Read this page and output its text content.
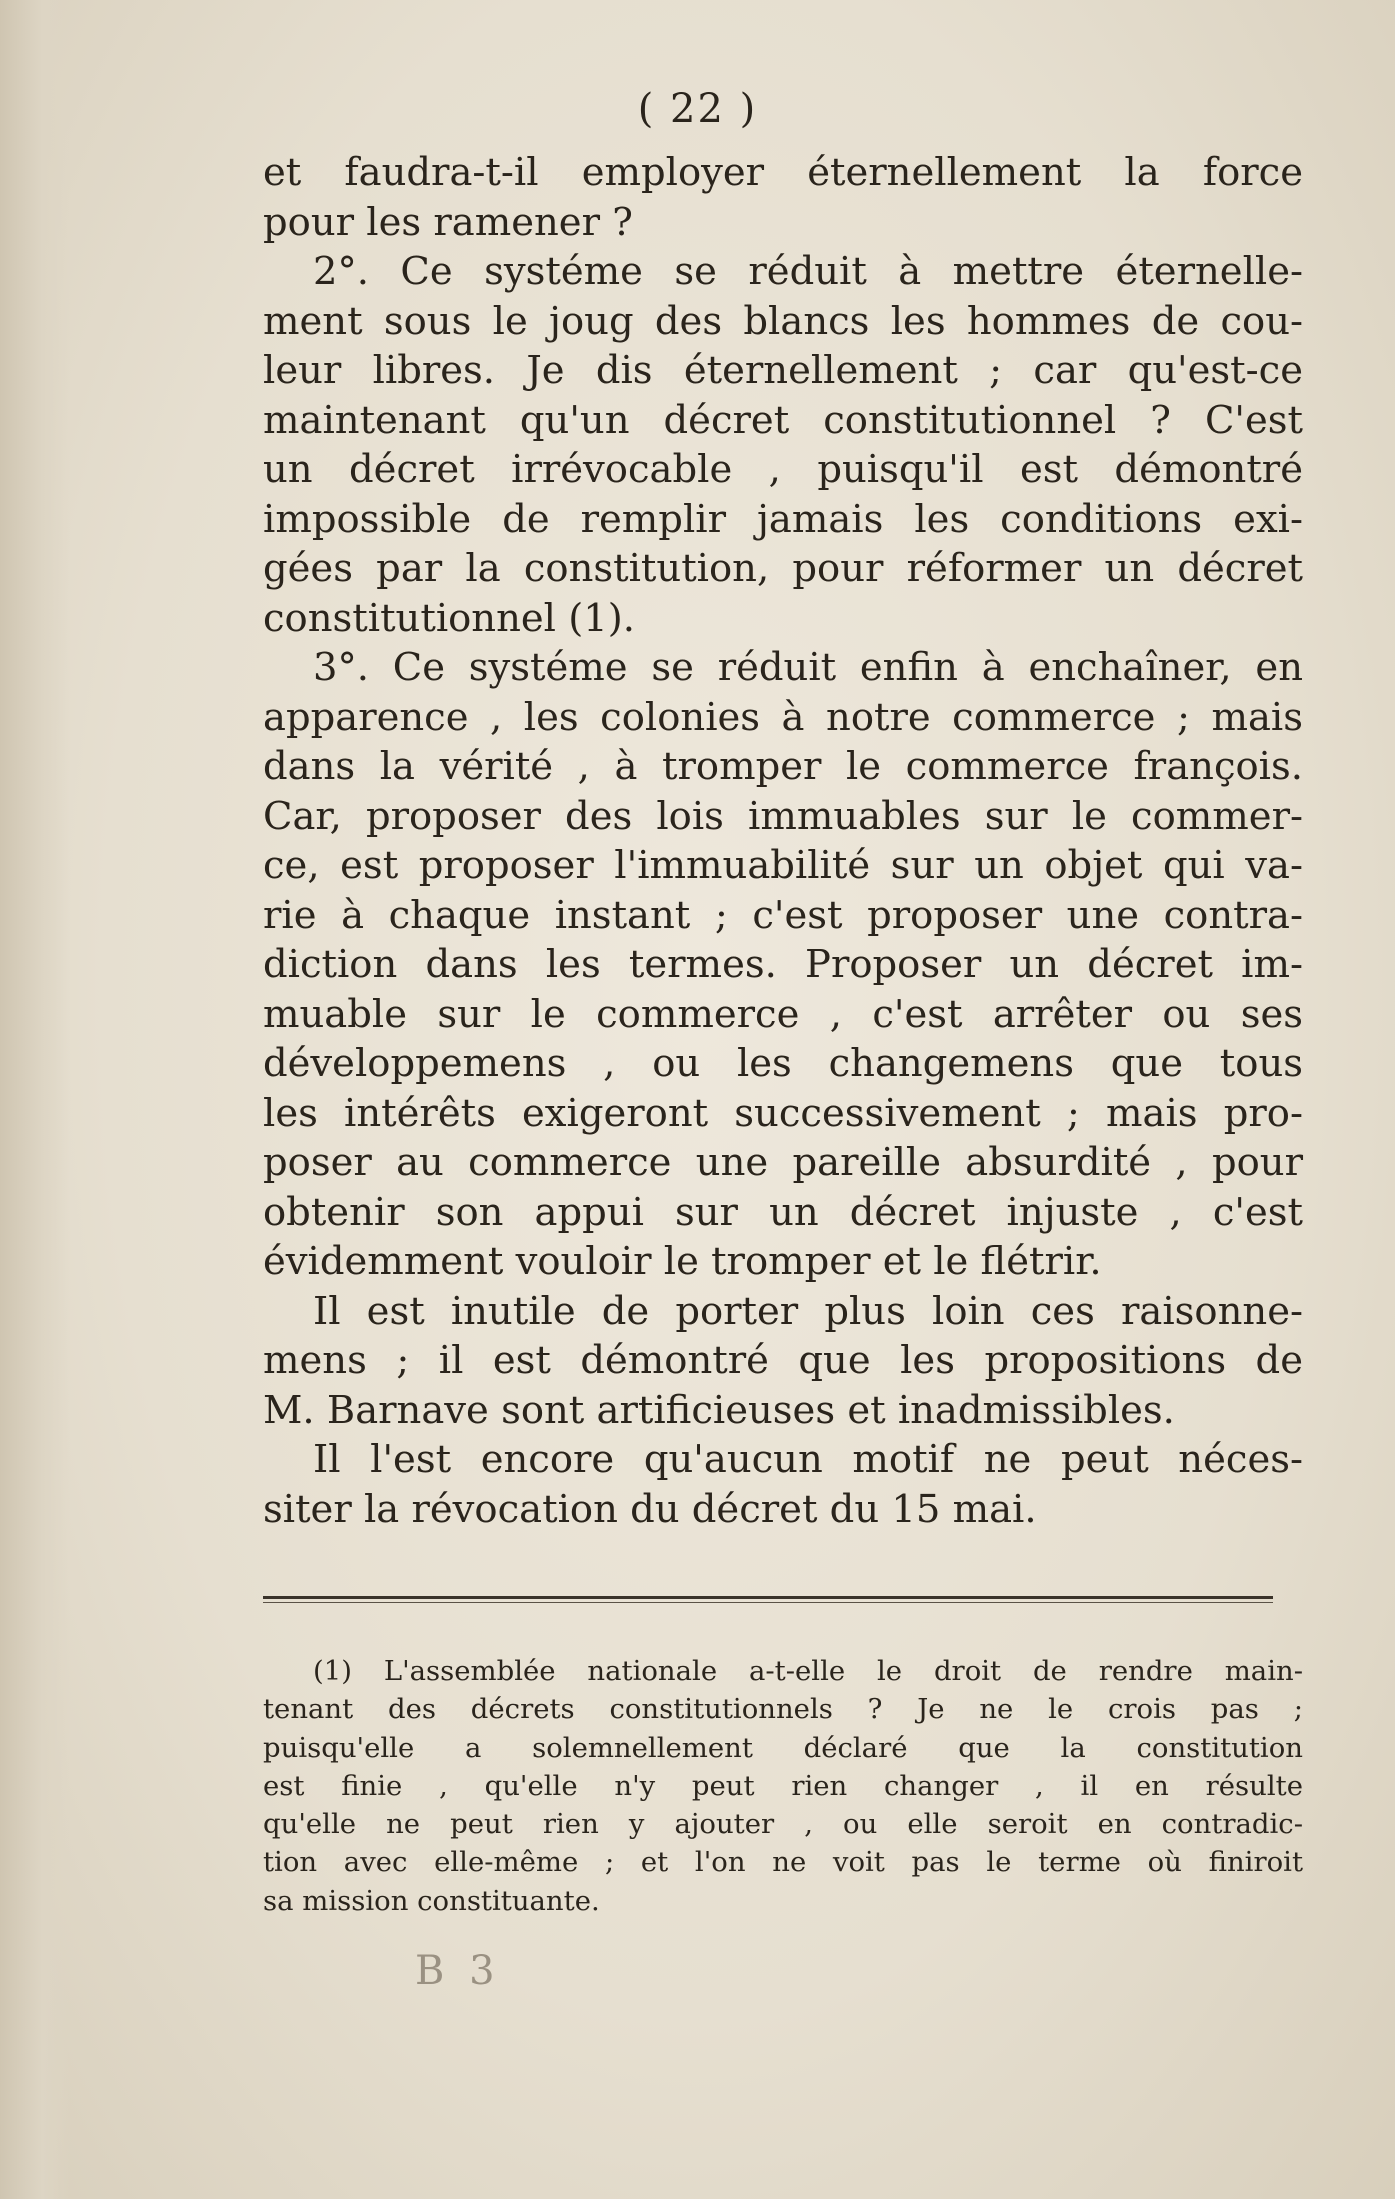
( 22 )
et faudra-t-il employer éternellement la force
pour les ramener ?
2°. Ce systéme se réduit à mettre éternelle-
ment sous le joug des blancs les hommes de cou-
leur libres. Je dis éternellement ; car qu'est-ce
maintenant qu'un décret constitutionnel ? C'est
un décret irrévocable , puisqu'il est démontré
impossible de remplir jamais les conditions exi-
gées par la constitution, pour réformer un décret
constitutionnel (1).
3°. Ce systéme se réduit enfin à enchaîner, en
apparence , les colonies à notre commerce ; mais
dans la vérité , à tromper le commerce françois.
Car, proposer des lois immuables sur le commer-
ce, est proposer l'immuabilité sur un objet qui va-
rie à chaque instant ; c'est proposer une contra-
diction dans les termes. Proposer un décret im-
muable sur le commerce , c'est arrêter ou ses
développemens , ou les changemens que tous
les intérêts exigeront successivement ; mais pro-
poser au commerce une pareille absurdité , pour
obtenir son appui sur un décret injuste , c'est
évidemment vouloir le tromper et le flétrir.
Il est inutile de porter plus loin ces raisonne-
mens ; il est démontré que les propositions de
M. Barnave sont artificieuses et inadmissibles.
Il l'est encore qu'aucun motif ne peut néces-
siter la révocation du décret du 15 mai.
(1) L'assemblée nationale a-t-elle le droit de rendre main-
tenant des décrets constitutionnels ? Je ne le crois pas ;
puisqu'elle a solemnellement déclaré que la constitution
est finie , qu'elle n'y peut rien changer , il en résulte
qu'elle ne peut rien y ajouter , ou elle seroit en contradic-
tion avec elle-même ; et l'on ne voit pas le terme où finiroit
sa mission constituante.
B 3
